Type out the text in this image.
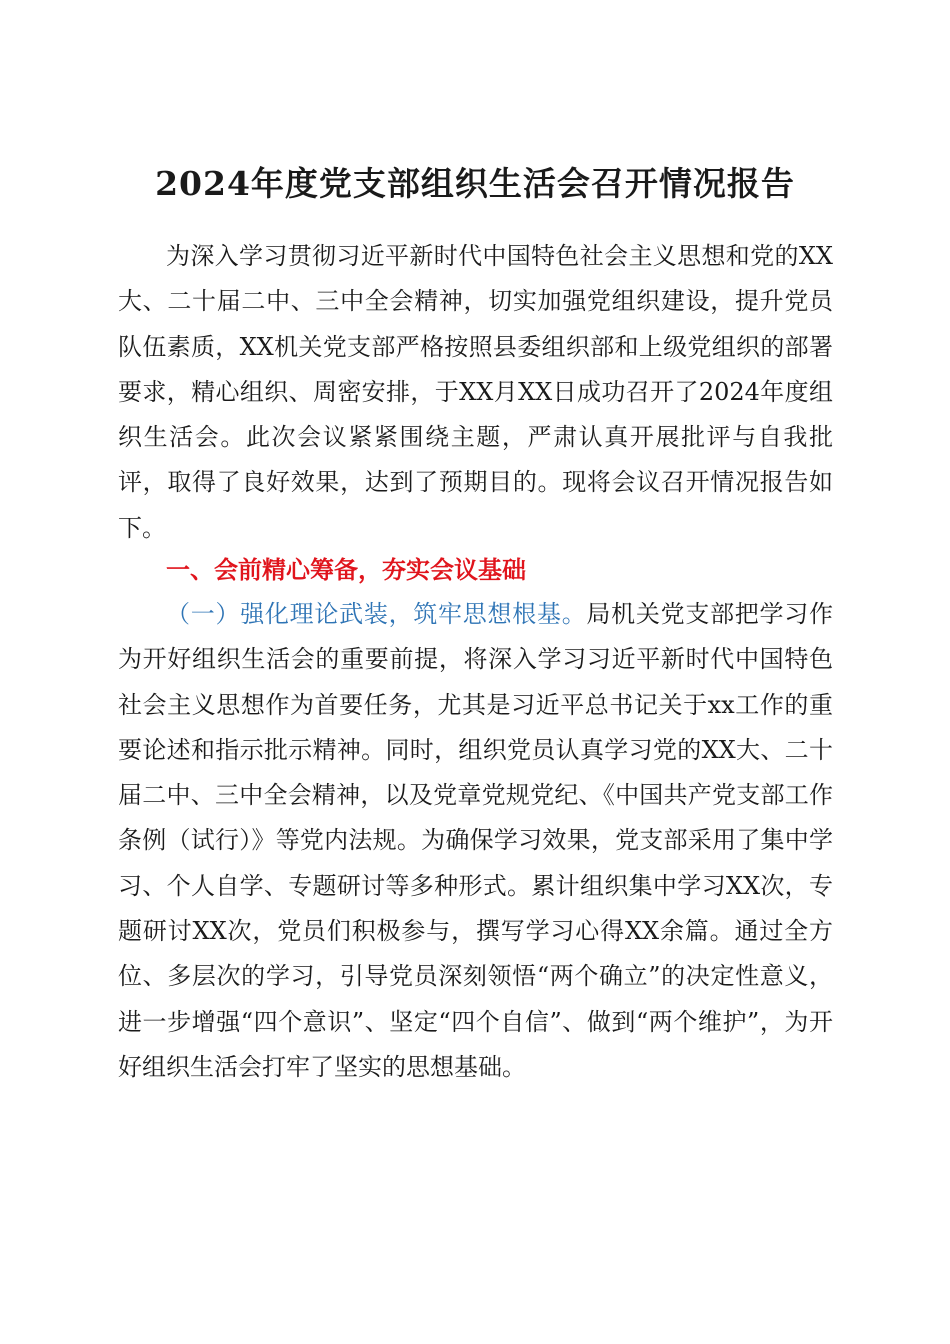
2024年度党支部组织生活会召开情况报告

为深入学习贯彻习近平新时代中国特色社会主义思想和党的XX大、二十届二中、三中全会精神，切实加强党组织建设，提升党员队伍素质，XX机关党支部严格按照县委组织部和上级党组织的部署要求，精心组织、周密安排，于XX月XX日成功召开了2024年度组织生活会。此次会议紧紧围绕主题，严肃认真开展批评与自我批评，取得了良好效果，达到了预期目的。现将会议召开情况报告如下。

一、会前精心筹备，夯实会议基础

（一）强化理论武装，筑牢思想根基。局机关党支部把学习作为开好组织生活会的重要前提，将深入学习习近平新时代中国特色社会主义思想作为首要任务，尤其是习近平总书记关于xx工作的重要论述和指示批示精神。同时，组织党员认真学习党的XX大、二十届二中、三中全会精神，以及党章党规党纪、《中国共产党支部工作条例（试行）》等党内法规。为确保学习效果，党支部采用了集中学习、个人自学、专题研讨等多种形式。累计组织集中学习XX次，专题研讨XX次，党员们积极参与，撰写学习心得XX余篇。通过全方位、多层次的学习，引导党员深刻领悟“两个确立”的决定性意义，进一步增强“四个意识”、坚定“四个自信”、做到“两个维护”，为开好组织生活会打牢了坚实的思想基础。
